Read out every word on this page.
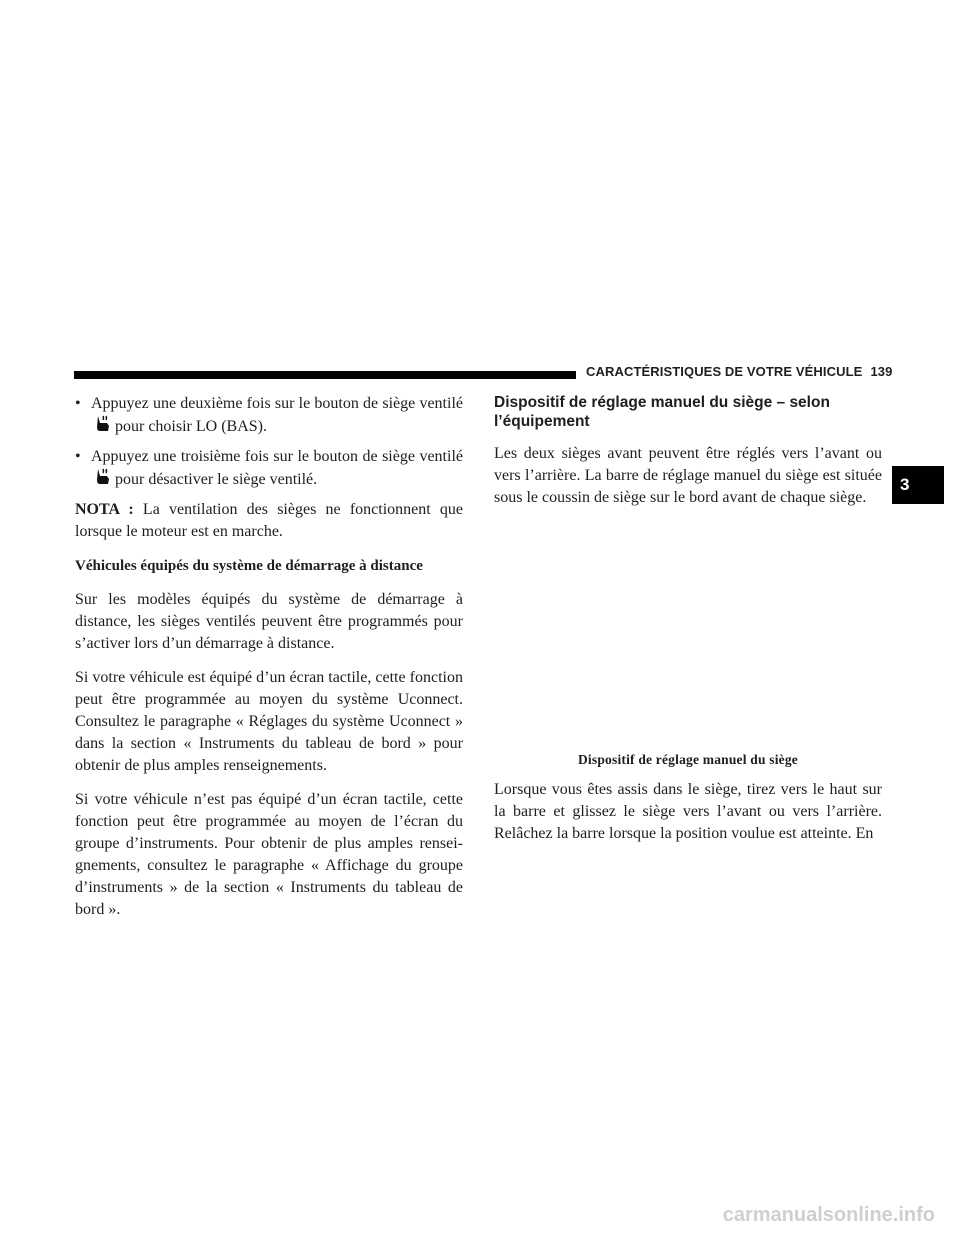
CARACTÉRISTIQUES DE VOTRE VÉHICULE 139
3
• Appuyez une deuxième fois sur le bouton de siège ventilépour choisir LO (BAS).
• Appuyez une troisième fois sur le bouton de siège ventilépour désactiver le siège ventilé.

NOTA : La ventilation des sièges ne fonctionnent que lorsque le moteur est en marche.

Véhicules équipés du système de démarrage à distance

Sur les modèles équipés du système de démarrage à distance, les sièges ventilés peuvent être programmés pour s’activer lors d’un démarrage à distance.

Si votre véhicule est équipé d’un écran tactile, cette fonction peut être programmée au moyen du système Uconnect. Consultez le paragraphe « Réglages du système Uconnect » dans la section « Instruments du tableau de bord » pour obtenir de plus amples renseignements.

Si votre véhicule n’est pas équipé d’un écran tactile, cette fonction peut être programmée au moyen de l’écran du groupe d’instruments. Pour obtenir de plus amples renseignements, consultez le paragraphe « Affichage du groupe d’instruments » de la section « Instruments du tableau de bord ».

Dispositif de réglage manuel du siège – selon l’équipement

Les deux sièges avant peuvent être réglés vers l’avant ou vers l’arrière. La barre de réglage manuel du siège est située sous le coussin de siège sur le bord avant de chaque siège.

Dispositif de réglage manuel du siège

Lorsque vous êtes assis dans le siège, tirez vers le haut sur la barre et glissez le siège vers l’avant ou vers l’arrière. Relâchez la barre lorsque la position voulue est atteinte. En

carmanualsonline.info
